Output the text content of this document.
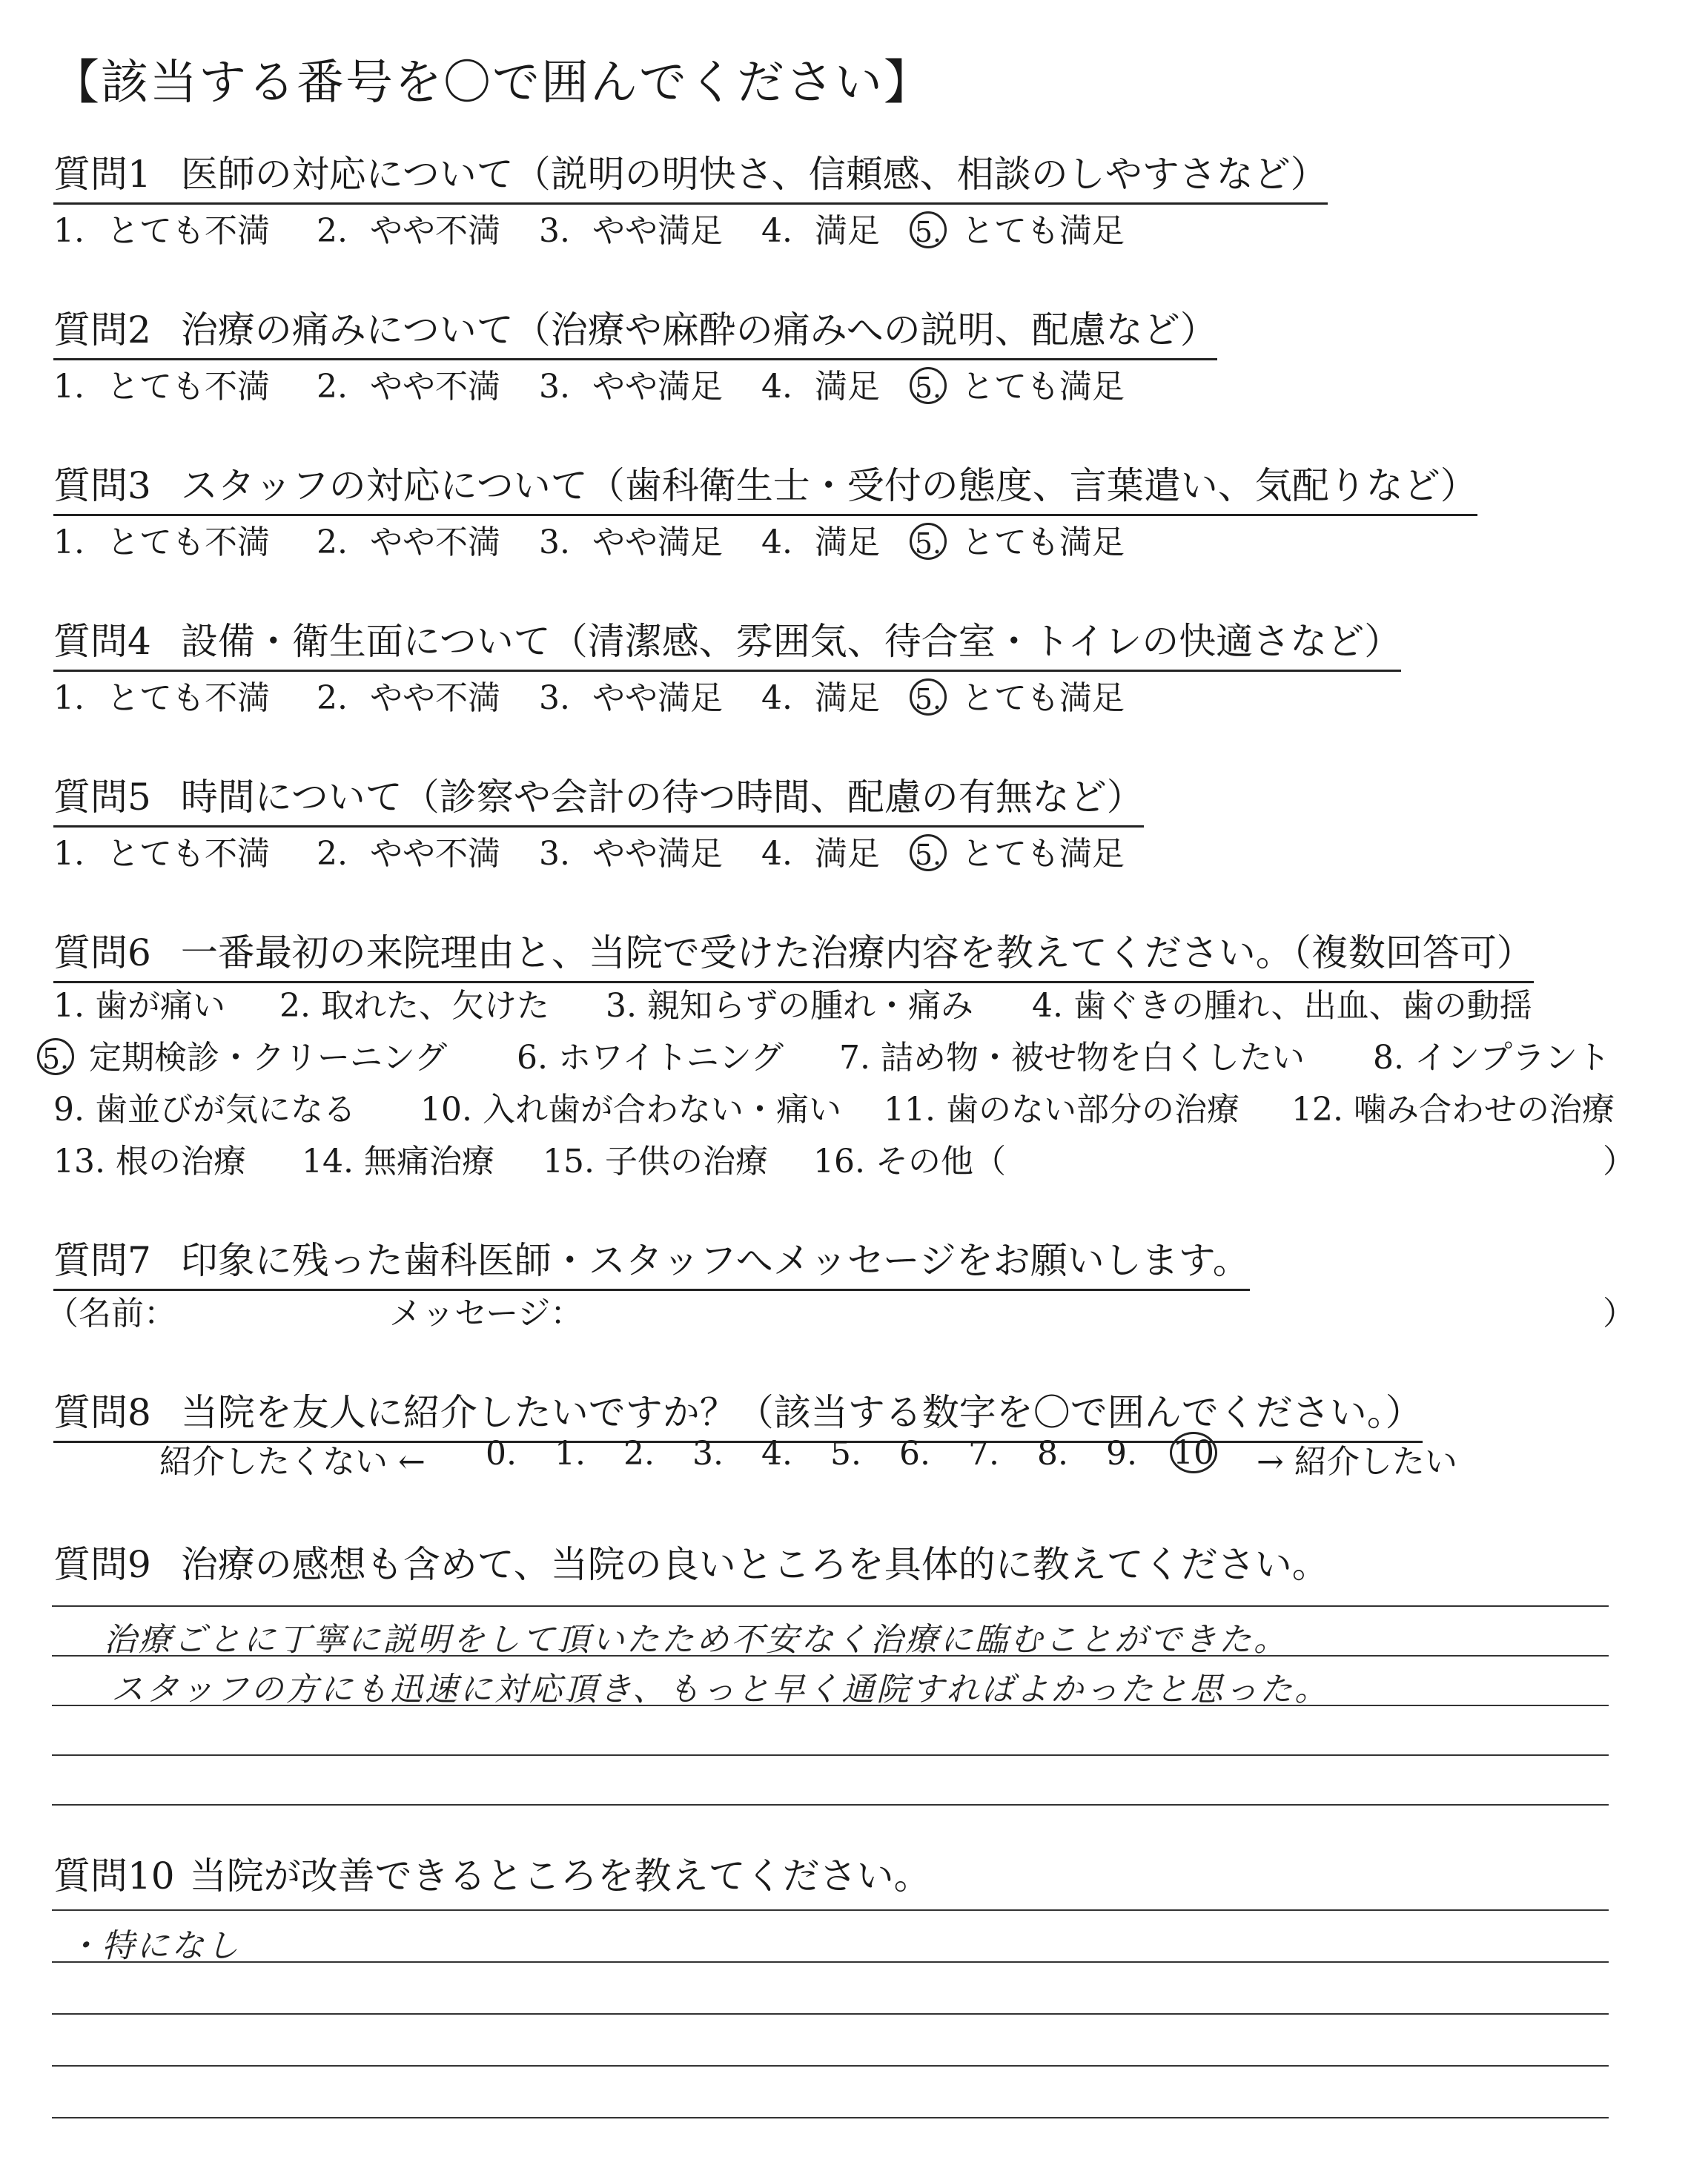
【該当する番号を〇で囲んでください】
質問1 医師の対応について（説明の明快さ、信頼感、相談のしやすさなど）
1. とても不満 2. やや不満 3. やや満足 4. 満足 5. とても満足
質問2 治療の痛みについて（治療や麻酔の痛みへの説明、配慮など）
1. とても不満 2. やや不満 3. やや満足 4. 満足 5. とても満足
質問3 スタッフの対応について（歯科衛生士・受付の態度、言葉遣い、気配りなど）
1. とても不満 2. やや不満 3. やや満足 4. 満足 5. とても満足
質問4 設備・衛生面について（清潔感、雰囲気、待合室・トイレの快適さなど）
1. とても不満 2. やや不満 3. やや満足 4. 満足 5. とても満足
質問5 時間について（診察や会計の待つ時間、配慮の有無など）
1. とても不満 2. やや不満 3. やや満足 4. 満足 5. とても満足
質問6 一番最初の来院理由と、当院で受けた治療内容を教えてください。（複数回答可）
1. 歯が痛い 2. 取れた、欠けた 3. 親知らずの腫れ・痛み 4. 歯ぐきの腫れ、出血、歯の動揺
5. 定期検診・クリーニング 6. ホワイトニング 7. 詰め物・被せ物を白くしたい 8. インプラント
9. 歯並びが気になる 10. 入れ歯が合わない・痛い 11. 歯のない部分の治療 12. 噛み合わせの治療
13. 根の治療 14. 無痛治療 15. 子供の治療 16. その他（	）
質問7 印象に残った歯科医師・スタッフへメッセージをお願いします。
（名前：	メッセージ：	）
質問8 当院を友人に紹介したいですか？（該当する数字を〇で囲んでください。）
紹介したくない ← 0. 1. 2. 3. 4. 5. 6. 7. 8. 9. 10 → 紹介したい
質問9 治療の感想も含めて、当院の良いところを具体的に教えてください。
治療ごとに丁寧に説明をして頂いたため不安なく治療に臨むことができた。
スタッフの方にも迅速に対応頂き、もっと早く通院すればよかったと思った。
質問10 当院が改善できるところを教えてください。
・特になし
